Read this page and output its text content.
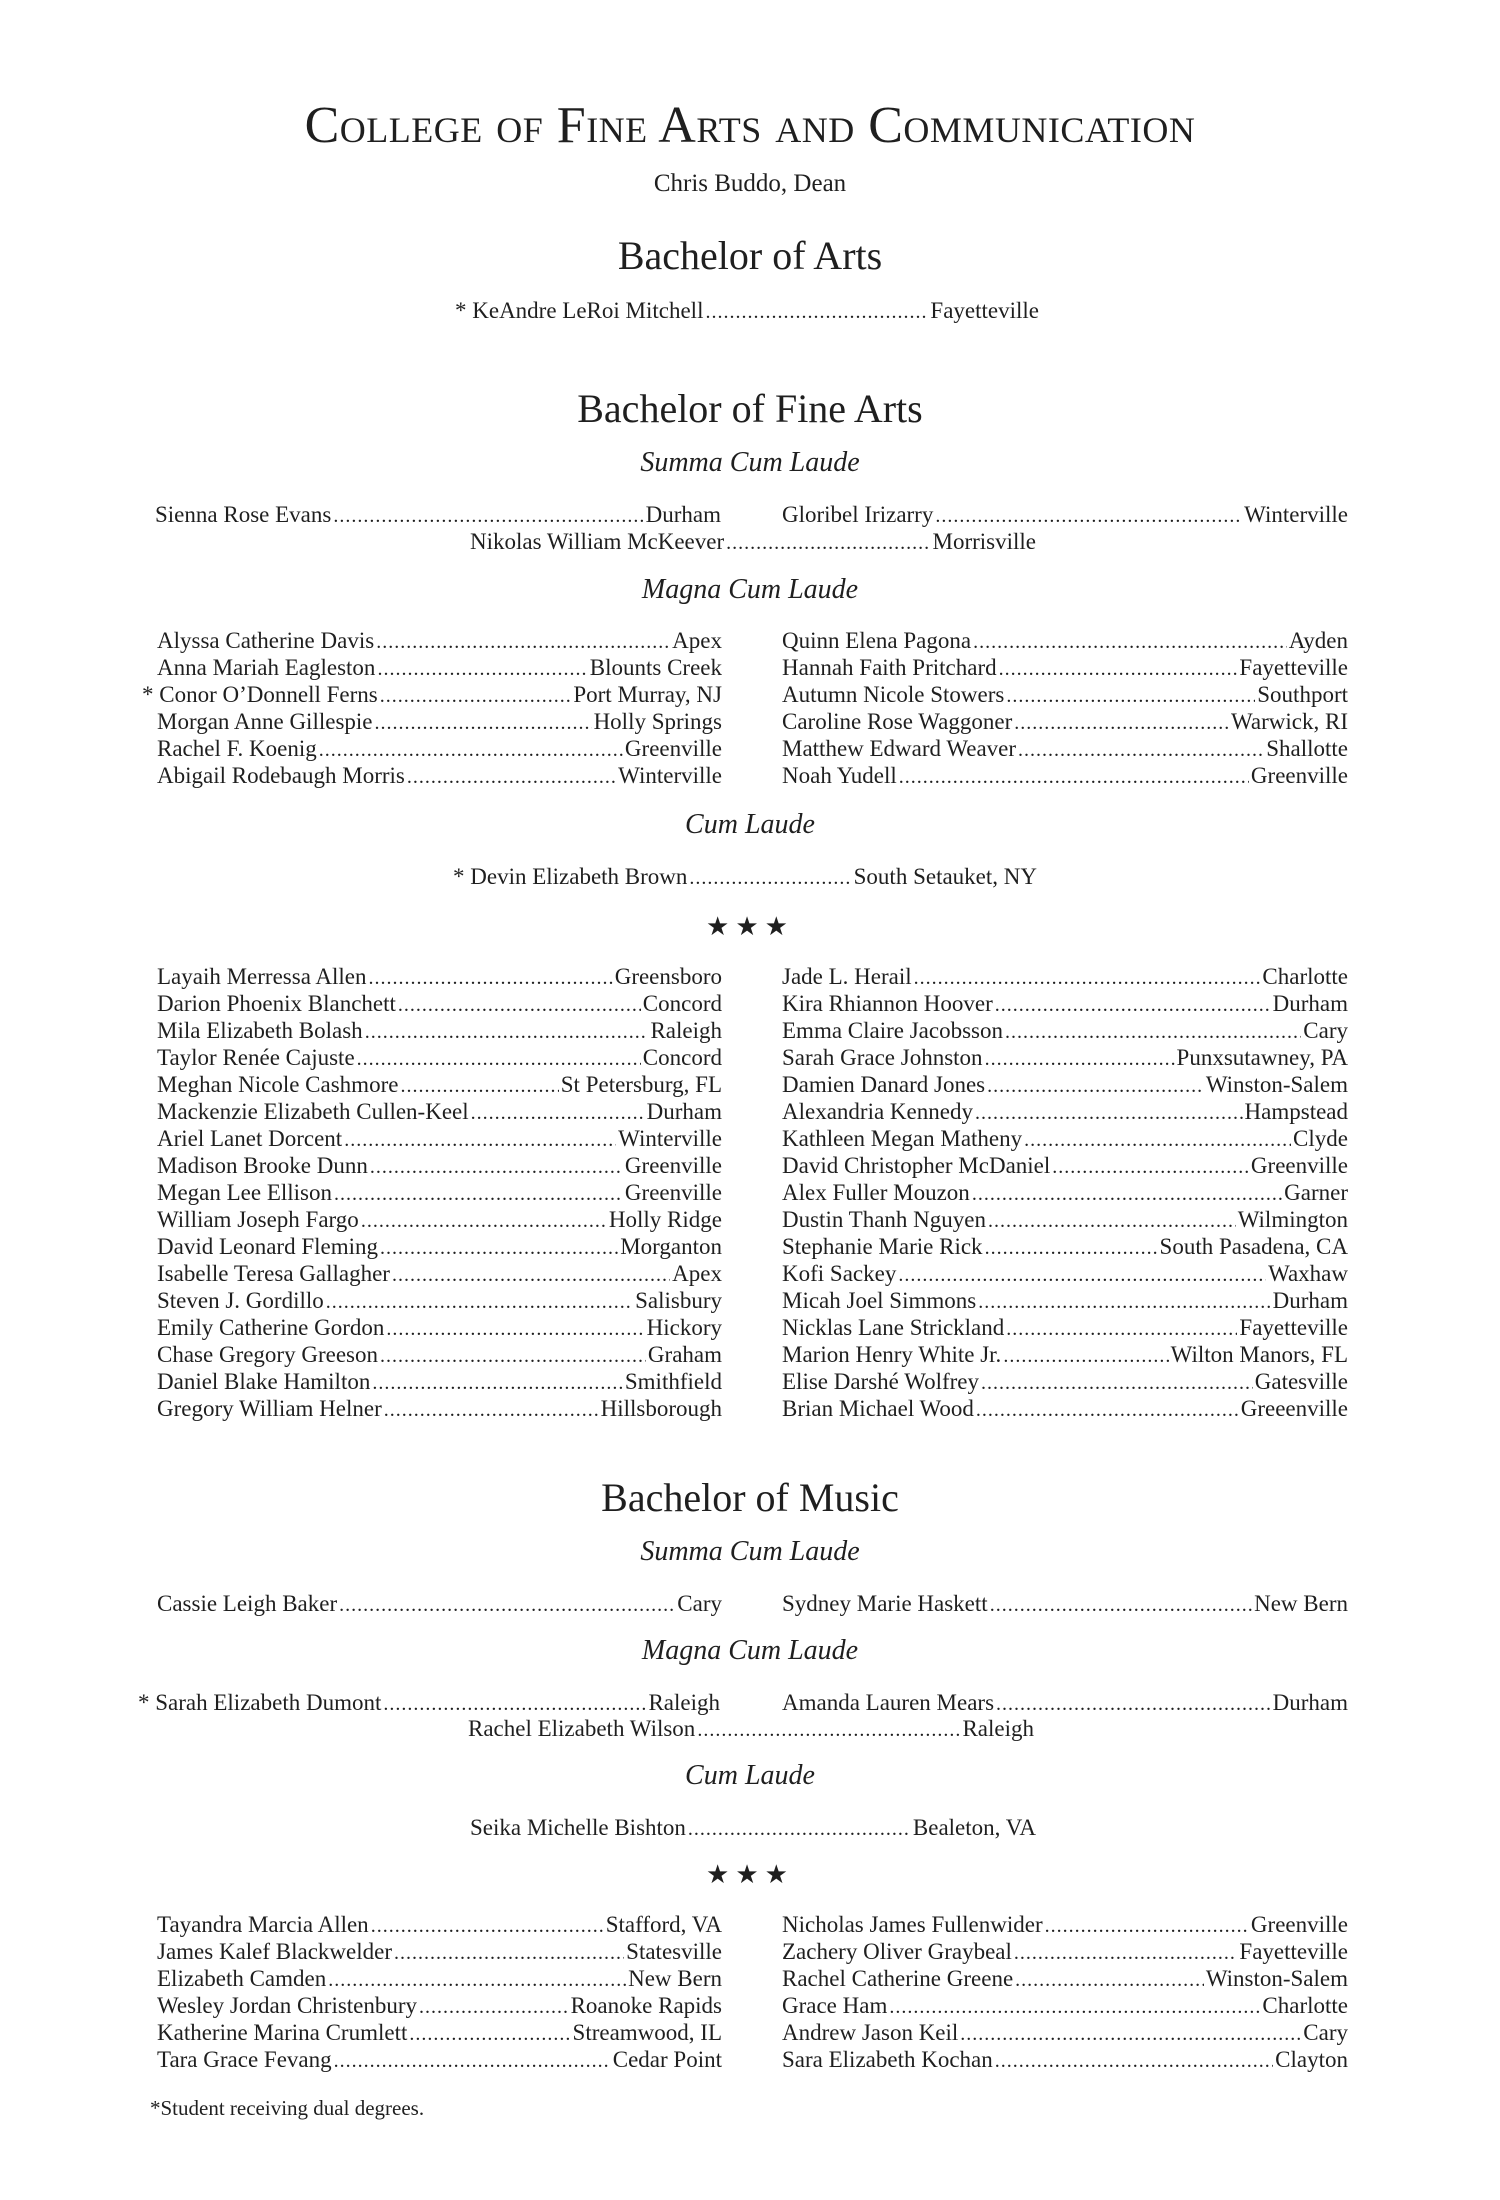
College of Fine Arts and Communication
Chris Buddo, Dean
Bachelor of Arts
* KeAndre LeRoi Mitchell .....	Fayetteville
Bachelor of Fine Arts
Summa Cum Laude
Sienna Rose Evans .....	Durham	Gloribel Irizarry .....	Winterville
Nikolas William McKeever .....	Morrisville
Magna Cum Laude
Alyssa Catherine Davis .....	Apex
Anna Mariah Eagleston .....	Blounts Creek
* Conor O’Donnell Ferns .....	Port Murray, NJ
Morgan Anne Gillespie .....	Holly Springs
Rachel F. Koenig .....	Greenville
Abigail Rodebaugh Morris .....	Winterville
Quinn Elena Pagona .....	Ayden
Hannah Faith Pritchard .....	Fayetteville
Autumn Nicole Stowers .....	Southport
Caroline Rose Waggoner .....	Warwick, RI
Matthew Edward Weaver .....	Shallotte
Noah Yudell .....	Greenville
Cum Laude
* Devin Elizabeth Brown .....	South Setauket, NY
★★★
Layaih Merressa Allen .....	Greensboro
Darion Phoenix Blanchett .....	Concord
Mila Elizabeth Bolash .....	Raleigh
Taylor Renée Cajuste .....	Concord
Meghan Nicole Cashmore .....	St Petersburg, FL
Mackenzie Elizabeth Cullen-Keel .....	Durham
Ariel Lanet Dorcent .....	Winterville
Madison Brooke Dunn .....	Greenville
Megan Lee Ellison .....	Greenville
William Joseph Fargo .....	Holly Ridge
David Leonard Fleming .....	Morganton
Isabelle Teresa Gallagher .....	Apex
Steven J. Gordillo .....	Salisbury
Emily Catherine Gordon .....	Hickory
Chase Gregory Greeson .....	Graham
Daniel Blake Hamilton .....	Smithfield
Gregory William Helner .....	Hillsborough
Jade L. Herail .....	Charlotte
Kira Rhiannon Hoover .....	Durham
Emma Claire Jacobsson .....	Cary
Sarah Grace Johnston .....	Punxsutawney, PA
Damien Danard Jones .....	Winston-Salem
Alexandria Kennedy .....	Hampstead
Kathleen Megan Matheny .....	Clyde
David Christopher McDaniel .....	Greenville
Alex Fuller Mouzon .....	Garner
Dustin Thanh Nguyen .....	Wilmington
Stephanie Marie Rick .....	South Pasadena, CA
Kofi Sackey .....	Waxhaw
Micah Joel Simmons .....	Durham
Nicklas Lane Strickland .....	Fayetteville
Marion Henry White Jr. .....	Wilton Manors, FL
Elise Darshé Wolfrey .....	Gatesville
Brian Michael Wood .....	Greeenville
Bachelor of Music
Summa Cum Laude
Cassie Leigh Baker .....	Cary	Sydney Marie Haskett .....	New Bern
Magna Cum Laude
* Sarah Elizabeth Dumont .....	Raleigh	Amanda Lauren Mears .....	Durham
Rachel Elizabeth Wilson .....	Raleigh
Cum Laude
Seika Michelle Bishton .....	Bealeton, VA
★★★
Tayandra Marcia Allen .....	Stafford, VA
James Kalef Blackwelder .....	Statesville
Elizabeth Camden .....	New Bern
Wesley Jordan Christenbury .....	Roanoke Rapids
Katherine Marina Crumlett .....	Streamwood, IL
Tara Grace Fevang .....	Cedar Point
Nicholas James Fullenwider .....	Greenville
Zachery Oliver Graybeal .....	Fayetteville
Rachel Catherine Greene .....	Winston-Salem
Grace Ham .....	Charlotte
Andrew Jason Keil .....	Cary
Sara Elizabeth Kochan .....	Clayton
*Student receiving dual degrees.
